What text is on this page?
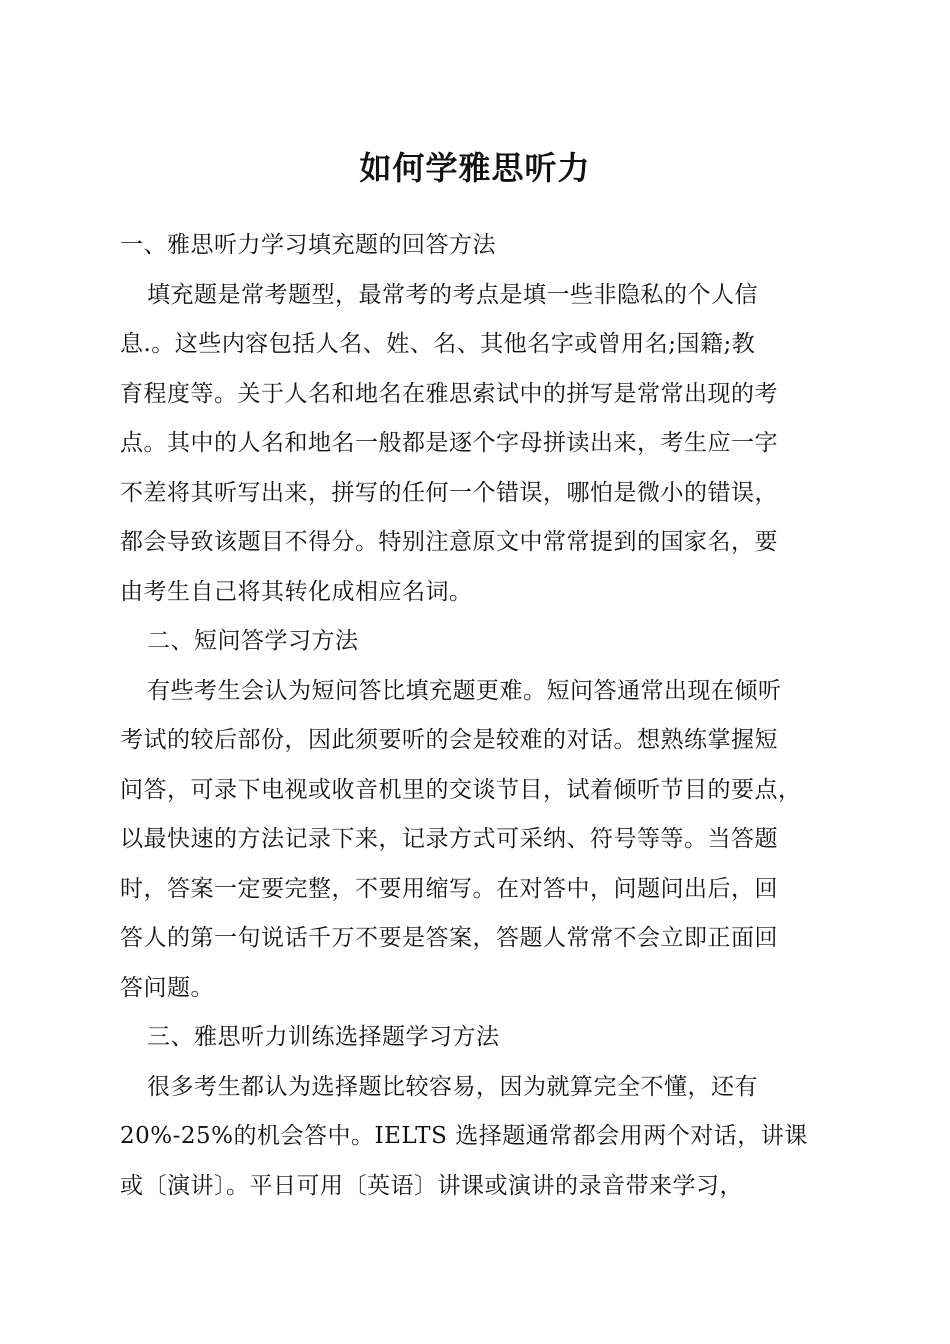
如何学雅思听力
一、雅思听力学习填充题的回答方法
填充题是常考题型，最常考的考点是填一些非隐私的个人信
息.。这些内容包括人名、姓、名、其他名字或曾用名;国籍;教
育程度等。关于人名和地名在雅思索试中的拼写是常常出现的考
点。其中的人名和地名一般都是逐个字母拼读出来，考生应一字
不差将其听写出来，拼写的任何一个错误，哪怕是微小的错误，
都会导致该题目不得分。特别注意原文中常常提到的国家名，要
由考生自己将其转化成相应名词。
二、短问答学习方法
有些考生会认为短问答比填充题更难。短问答通常出现在倾听
考试的较后部份，因此须要听的会是较难的对话。想熟练掌握短
问答，可录下电视或收音机里的交谈节目，试着倾听节目的要点，
以最快速的方法记录下来，记录方式可采纳、符号等等。当答题
时，答案一定要完整，不要用缩写。在对答中，问题问出后，回
答人的第一句说话千万不要是答案，答题人常常不会立即正面回
答问题。
三、雅思听力训练选择题学习方法
很多考生都认为选择题比较容易，因为就算完全不懂，还有
20%-25%的机会答中。IELTS 选择题通常都会用两个对话，讲课
或〔演讲〕。平日可用〔英语〕讲课或演讲的录音带来学习，
